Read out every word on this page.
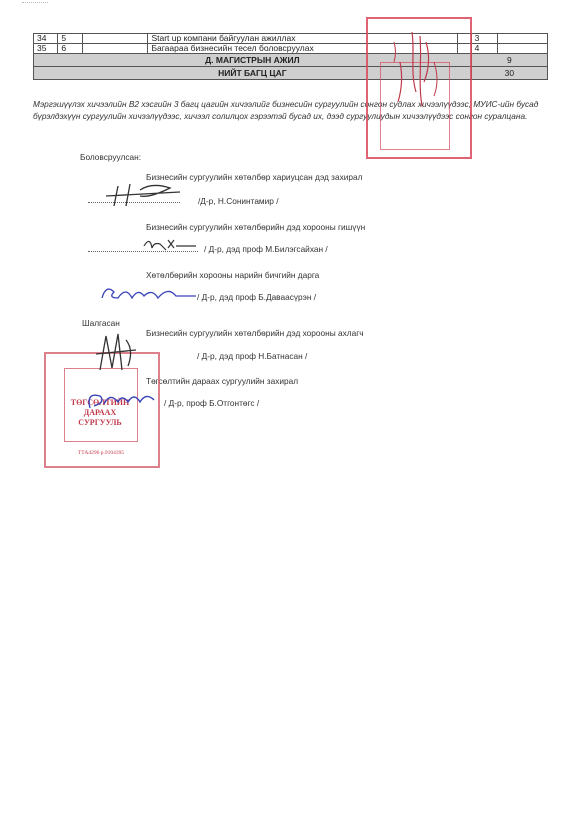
34	5		Start up компани байгуулан ажиллах		3	
35	6		Багаараа бизнесийн тесел боловсруулах		4	
Д. МАГИСТРЫН АЖИЛ					9	
НИЙТ БАГЦ ЦАГ					30	
Мэргэшүүлэх хичээлийн В2 хэсгийн 3 багц цагийн хичээлийг бизнесийн сургуулийн сонгон судлах хичээлүүдээс, МУИС-ийн бусад бүрэлдэхүүн сургуулийн хичээлүүдээс, хичээл солилцох гэрээтэй бусад их, дээд сургуулиудын хичээлүүдээс сонгон суралцана.
Боловсруулсан:
Бизнесийн сургуулийн хөтөлбөр хариуцсан дэд захирал
/Д-р, Н.Сонинтамир /
Бизнесийн сургуулийн хөтөлбөрийн дэд хорооны гишүүн
/ Д-р, дэд проф М.Билэгсайхан /
Хөтөлбөрийн хорооны нарийн бичгийн дарга
/ Д-р, дэд проф Б.Даваасүрэн /
Шалгасан
Бизнесийн сургуулийн хөтөлбөрийн дэд хорооны ахлагч
/ Д-р, дэд проф Н.Батнасан /
Төгсөлтийн дараах сургуулийн захирал
/ Д-р, проф Б.Отгонтөгс /
ТӨГСӨЛТИЙН
ДАРААХ
СУРГУУЛЬ
ТТА4296 р.9104395
